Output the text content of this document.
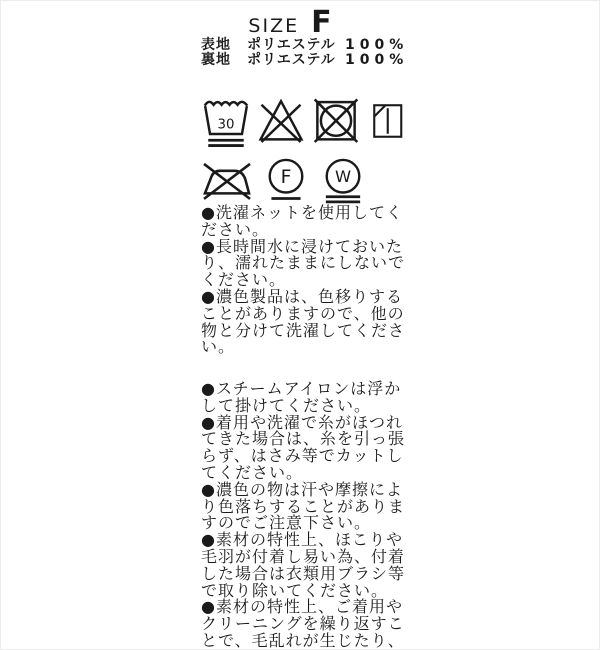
SIZE F
表地	ポリエステル 100%
裏地	ポリエステル 100%
30
F W
●洗濯ネットを使用してください。
●長時間水に浸けておいたり、濡れたままにしないでください。
●濃色製品は、色移りすることがありますので、他の物と分けて洗濯してください。
●スチームアイロンは浮かして掛けてください。
●着用や洗濯で糸がほつれてきた場合は、糸を引っ張らず、はさみ等でカットしてください。
●濃色の物は汗や摩擦により色落ちすることがありますのでご注意下さい。
●素材の特性上、ほこりや毛羽が付着し易い為、付着した場合は衣類用ブラシ等で取り除いてください。
●素材の特性上、ご着用やクリーニングを繰り返すことで、毛乱れが生じたり、
